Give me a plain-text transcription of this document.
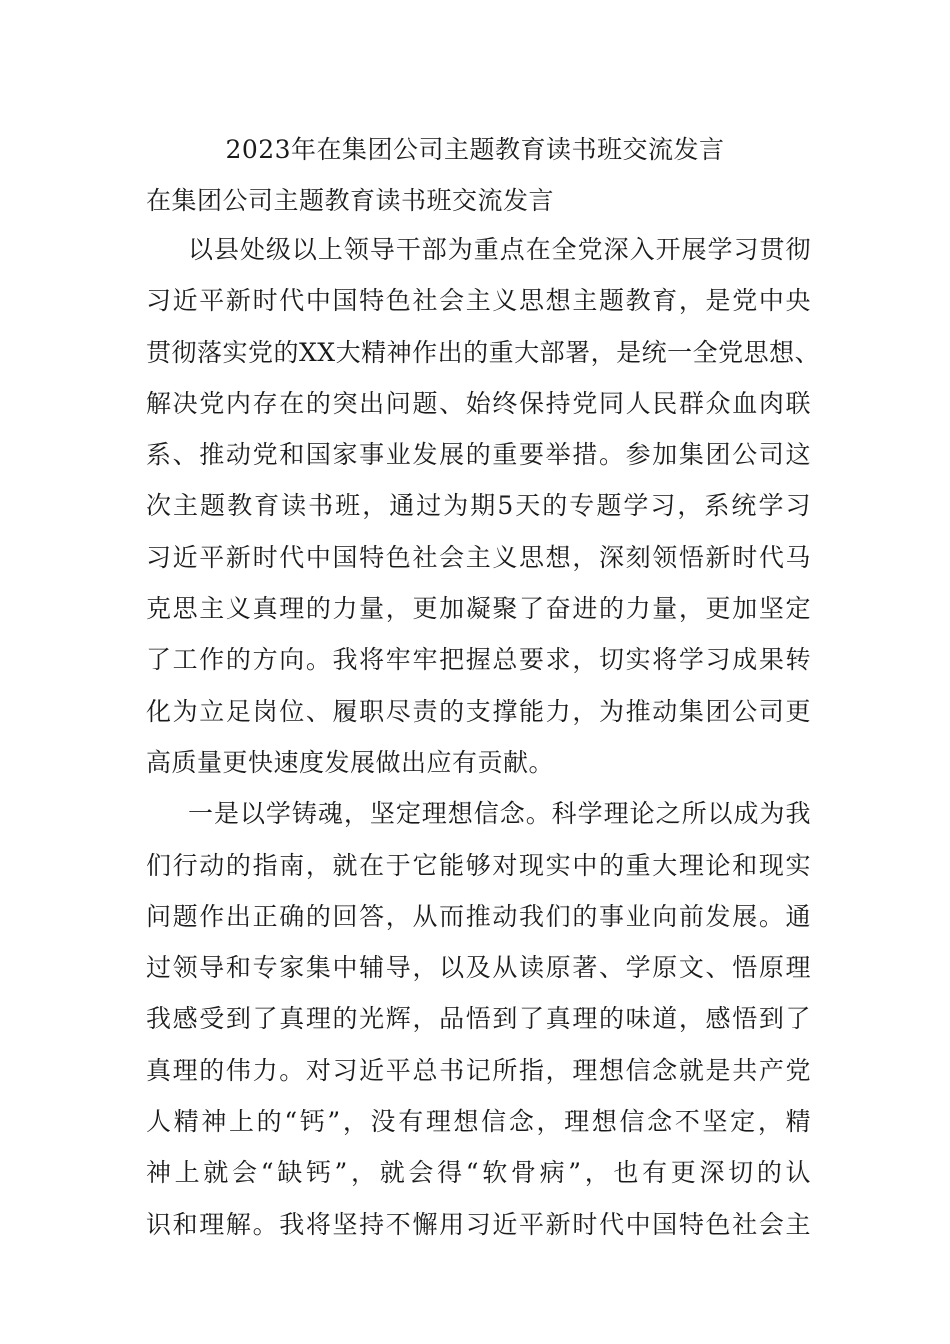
2023年在集团公司主题教育读书班交流发言
在集团公司主题教育读书班交流发言
以县处级以上领导干部为重点在全党深入开展学习贯彻
习近平新时代中国特色社会主义思想主题教育，是党中央
贯彻落实党的XX大精神作出的重大部署，是统一全党思想、
解决党内存在的突出问题、始终保持党同人民群众血肉联
系、推动党和国家事业发展的重要举措。参加集团公司这
次主题教育读书班，通过为期5天的专题学习，系统学习
习近平新时代中国特色社会主义思想，深刻领悟新时代马
克思主义真理的力量，更加凝聚了奋进的力量，更加坚定
了工作的方向。我将牢牢把握总要求，切实将学习成果转
化为立足岗位、履职尽责的支撑能力，为推动集团公司更
高质量更快速度发展做出应有贡献。
一是以学铸魂，坚定理想信念。科学理论之所以成为我
们行动的指南，就在于它能够对现实中的重大理论和现实
问题作出正确的回答，从而推动我们的事业向前发展。通
过领导和专家集中辅导，以及从读原著、学原文、悟原理
我感受到了真理的光辉，品悟到了真理的味道，感悟到了
真理的伟力。对习近平总书记所指，理想信念就是共产党
人精神上的“钙”，没有理想信念，理想信念不坚定，精
神上就会“缺钙”，就会得“软骨病”，也有更深切的认
识和理解。我将坚持不懈用习近平新时代中国特色社会主
